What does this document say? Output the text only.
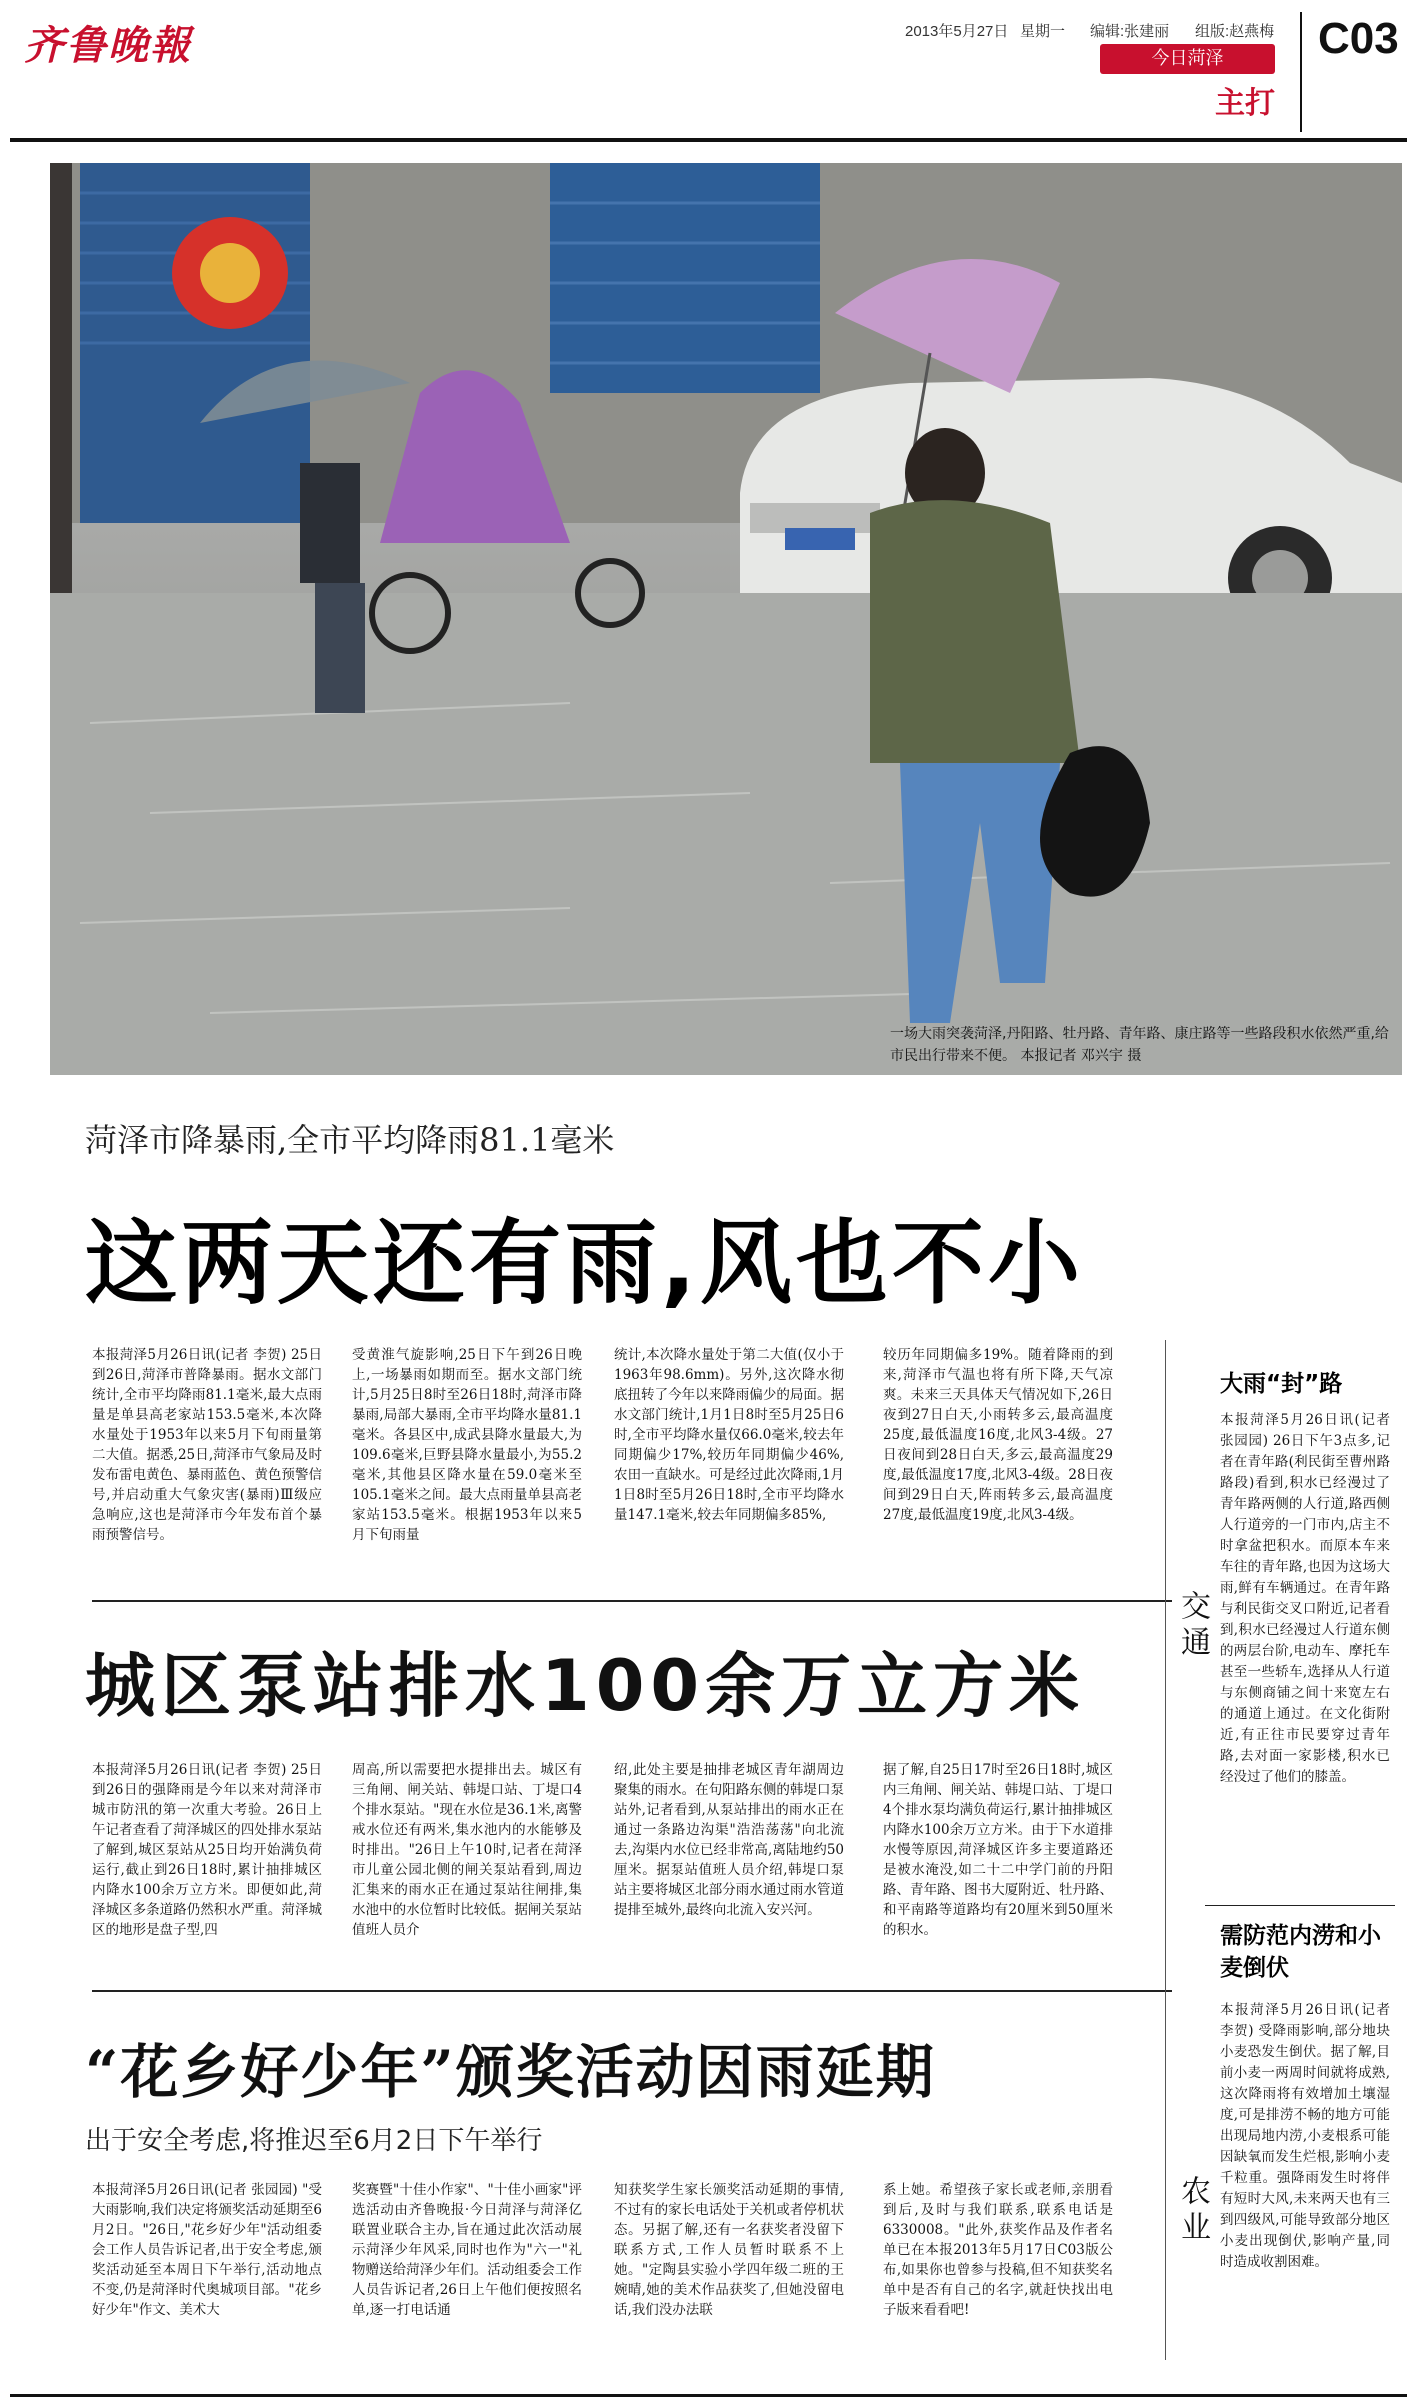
齐鲁晚報	2013年5月27日 星期一 编辑:张建丽 组版:赵燕梅 C03
今日菏泽
主打
一场大雨突袭菏泽,丹阳路、牡丹路、青年路、康庄路等一些路段积水依然严重,给市民出行带来不便。 本报记者 邓兴宇 摄
菏泽市降暴雨,全市平均降雨81.1毫米
这两天还有雨,风也不小
本报菏泽5月26日讯(记者 李贺) 25日到26日,菏泽市普降暴雨。据水文部门统计,全市平均降雨81.1毫米,最大点雨量是单县高老家站153.5毫米,本次降水量处于1953年以来5月下旬雨量第二大值。据悉,25日,菏泽市气象局及时发布雷电黄色、暴雨蓝色、黄色预警信号,并启动重大气象灾害(暴雨)Ⅲ级应急响应,这也是菏泽市今年发布首个暴雨预警信号。
受黄淮气旋影响,25日下午到26日晚上,一场暴雨如期而至。据水文部门统计,5月25日8时至26日18时,菏泽市降暴雨,局部大暴雨,全市平均降水量81.1毫米。各县区中,成武县降水量最大,为109.6毫米,巨野县降水量最小,为55.2毫米,其他县区降水量在59.0毫米至105.1毫米之间。最大点雨量单县高老家站153.5毫米。根据1953年以来5月下旬雨量
统计,本次降水量处于第二大值(仅小于1963年98.6mm)。另外,这次降水彻底扭转了今年以来降雨偏少的局面。据水文部门统计,1月1日8时至5月25日6时,全市平均降水量仅66.0毫米,较去年同期偏少17%,较历年同期偏少46%,农田一直缺水。可是经过此次降雨,1月1日8时至5月26日18时,全市平均降水量147.1毫米,较去年同期偏多85%,
较历年同期偏多19%。随着降雨的到来,菏泽市气温也将有所下降,天气凉爽。未来三天具体天气情况如下,26日夜到27日白天,小雨转多云,最高温度25度,最低温度16度,北风3-4级。27日夜间到28日白天,多云,最高温度29度,最低温度17度,北风3-4级。28日夜间到29日白天,阵雨转多云,最高温度27度,最低温度19度,北风3-4级。
城区泵站排水100余万立方米
本报菏泽5月26日讯(记者 李贺) 25日到26日的强降雨是今年以来对菏泽市城市防汛的第一次重大考验。26日上午记者查看了菏泽城区的四处排水泵站了解到,城区泵站从25日均开始满负荷运行,截止到26日18时,累计抽排城区内降水100余万立方米。即便如此,菏泽城区多条道路仍然积水严重。菏泽城区的地形是盘子型,四
周高,所以需要把水提排出去。城区有三角闸、闸关站、韩堤口站、丁堤口4个排水泵站。"现在水位是36.1米,离警戒水位还有两米,集水池内的水能够及时排出。"26日上午10时,记者在菏泽市儿童公园北侧的闸关泵站看到,周边汇集来的雨水正在通过泵站往闸排,集水池中的水位暂时比较低。据闸关泵站值班人员介
绍,此处主要是抽排老城区青年湖周边聚集的雨水。在句阳路东侧的韩堤口泵站外,记者看到,从泵站排出的雨水正在通过一条路边沟渠"浩浩荡荡"向北流去,沟渠内水位已经非常高,离陆地约50厘米。据泵站值班人员介绍,韩堤口泵站主要将城区北部分雨水通过雨水管道提排至城外,最终向北流入安兴河。
据了解,自25日17时至26日18时,城区内三角闸、闸关站、韩堤口站、丁堤口4个排水泵均满负荷运行,累计抽排城区内降水100余万立方米。由于下水道排水慢等原因,菏泽城区许多主要道路还是被水淹没,如二十二中学门前的丹阳路、青年路、图书大厦附近、牡丹路、和平南路等道路均有20厘米到50厘米的积水。
“花乡好少年”颁奖活动因雨延期
出于安全考虑,将推迟至6月2日下午举行
本报菏泽5月26日讯(记者 张园园) "受大雨影响,我们决定将颁奖活动延期至6月2日。"26日,"花乡好少年"活动组委会工作人员告诉记者,出于安全考虑,颁奖活动延至本周日下午举行,活动地点不变,仍是菏泽时代奥城项目部。"花乡好少年"作文、美术大
奖赛暨"十佳小作家"、"十佳小画家"评选活动由齐鲁晚报·今日菏泽与菏泽亿联置业联合主办,旨在通过此次活动展示菏泽少年风采,同时也作为"六一"礼物赠送给菏泽少年们。活动组委会工作人员告诉记者,26日上午他们便按照名单,逐一打电话通
知获奖学生家长颁奖活动延期的事情,不过有的家长电话处于关机或者停机状态。另据了解,还有一名获奖者没留下联系方式,工作人员暂时联系不上她。"定陶县实验小学四年级二班的王婉晴,她的美术作品获奖了,但她没留电话,我们没办法联
系上她。希望孩子家长或老师,亲朋看到后,及时与我们联系,联系电话是6330008。"此外,获奖作品及作者名单已在本报2013年5月17日C03版公布,如果你也曾参与投稿,但不知获奖名单中是否有自己的名字,就赶快找出电子版来看看吧!
交通
大雨“封”路
本报菏泽5月26日讯(记者 张园园) 26日下午3点多,记者在青年路(利民街至曹州路路段)看到,积水已经漫过了青年路两侧的人行道,路西侧人行道旁的一门市内,店主不时拿盆把积水。而原本车来车往的青年路,也因为这场大雨,鲜有车辆通过。在青年路与利民街交叉口附近,记者看到,积水已经漫过人行道东侧的两层台阶,电动车、摩托车甚至一些轿车,选择从人行道与东侧商铺之间十来宽左右的通道上通过。在文化街附近,有正往市民要穿过青年路,去对面一家影楼,积水已经没过了他们的膝盖。
农业
需防范内涝和小麦倒伏
本报菏泽5月26日讯(记者 李贺) 受降雨影响,部分地块小麦恐发生倒伏。据了解,目前小麦一两周时间就将成熟,这次降雨将有效增加土壤湿度,可是排涝不畅的地方可能出现局地内涝,小麦根系可能因缺氧而发生烂根,影响小麦千粒重。强降雨发生时将伴有短时大风,未来两天也有三到四级风,可能导致部分地区小麦出现倒伏,影响产量,同时造成收割困难。
